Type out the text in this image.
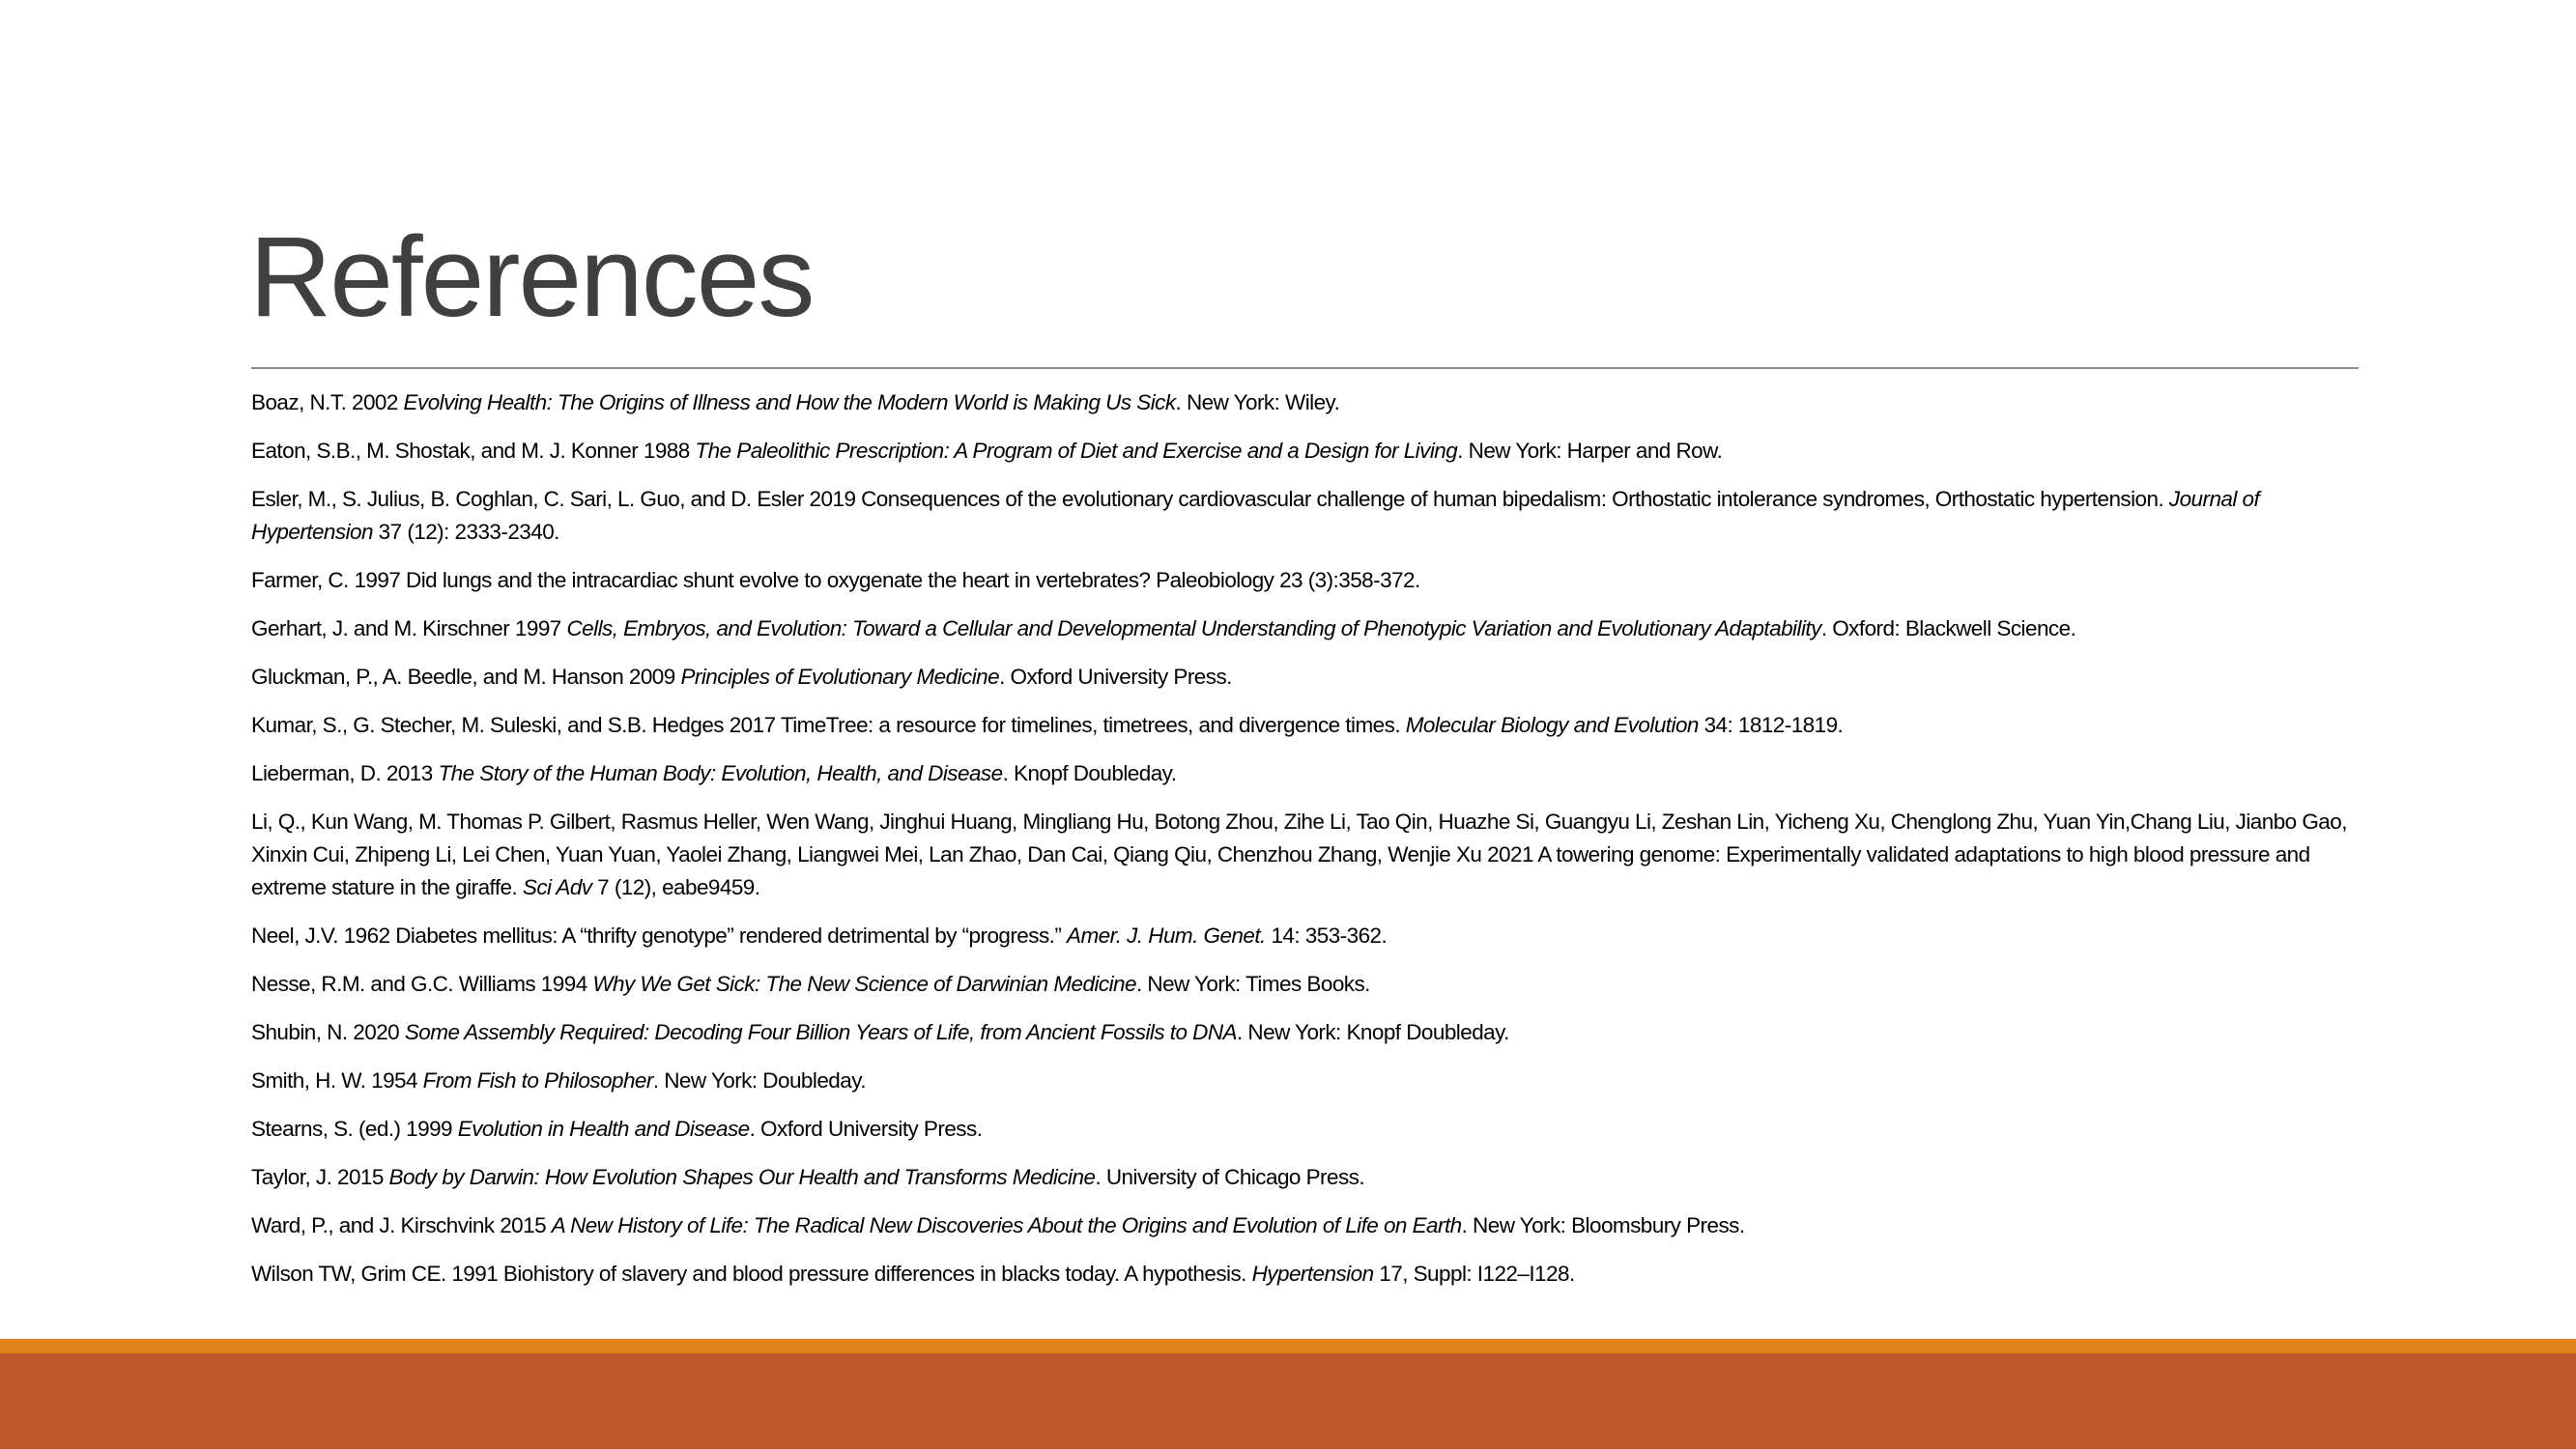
References
Boaz, N.T. 2002 Evolving Health: The Origins of Illness and How the Modern World is Making Us Sick. New York: Wiley.
Eaton, S.B., M. Shostak, and M. J. Konner 1988 The Paleolithic Prescription: A Program of Diet and Exercise and a Design for Living. New York: Harper and Row.
Esler, M., S. Julius, B. Coghlan, C. Sari, L. Guo, and D. Esler 2019 Consequences of the evolutionary cardiovascular challenge of human bipedalism: Orthostatic intolerance syndromes, Orthostatic hypertension. Journal of Hypertension 37 (12): 2333-2340.
Farmer, C. 1997 Did lungs and the intracardiac shunt evolve to oxygenate the heart in vertebrates? Paleobiology 23 (3):358-372.
Gerhart, J. and M. Kirschner 1997 Cells, Embryos, and Evolution: Toward a Cellular and Developmental Understanding of Phenotypic Variation and Evolutionary Adaptability. Oxford: Blackwell Science.
Gluckman, P., A. Beedle, and M. Hanson 2009 Principles of Evolutionary Medicine. Oxford University Press.
Kumar, S., G. Stecher, M. Suleski, and S.B. Hedges 2017 TimeTree: a resource for timelines, timetrees, and divergence times. Molecular Biology and Evolution 34: 1812-1819.
Lieberman, D. 2013 The Story of the Human Body: Evolution, Health, and Disease. Knopf Doubleday.
Li, Q., Kun Wang, M. Thomas P. Gilbert, Rasmus Heller, Wen Wang, Jinghui Huang, Mingliang Hu, Botong Zhou, Zihe Li, Tao Qin, Huazhe Si, Guangyu Li, Zeshan Lin, Yicheng Xu, Chenglong Zhu, Yuan Yin,Chang Liu, Jianbo Gao, Xinxin Cui, Zhipeng Li, Lei Chen, Yuan Yuan, Yaolei Zhang, Liangwei Mei, Lan Zhao, Dan Cai, Qiang Qiu, Chenzhou Zhang, Wenjie Xu 2021 A towering genome: Experimentally validated adaptations to high blood pressure and extreme stature in the giraffe. Sci Adv 7 (12), eabe9459.
Neel, J.V. 1962 Diabetes mellitus: A “thrifty genotype” rendered detrimental by “progress.” Amer. J. Hum. Genet. 14: 353-362.
Nesse, R.M. and G.C. Williams 1994 Why We Get Sick: The New Science of Darwinian Medicine. New York: Times Books.
Shubin, N. 2020 Some Assembly Required: Decoding Four Billion Years of Life, from Ancient Fossils to DNA. New York: Knopf Doubleday.
Smith, H. W. 1954 From Fish to Philosopher. New York: Doubleday.
Stearns, S. (ed.) 1999 Evolution in Health and Disease. Oxford University Press.
Taylor, J. 2015 Body by Darwin: How Evolution Shapes Our Health and Transforms Medicine. University of Chicago Press.
Ward, P., and J. Kirschvink 2015 A New History of Life: The Radical New Discoveries About the Origins and Evolution of Life on Earth. New York: Bloomsbury Press.
Wilson TW, Grim CE. 1991 Biohistory of slavery and blood pressure differences in blacks today. A hypothesis. Hypertension 17, Suppl: I122–I128.
